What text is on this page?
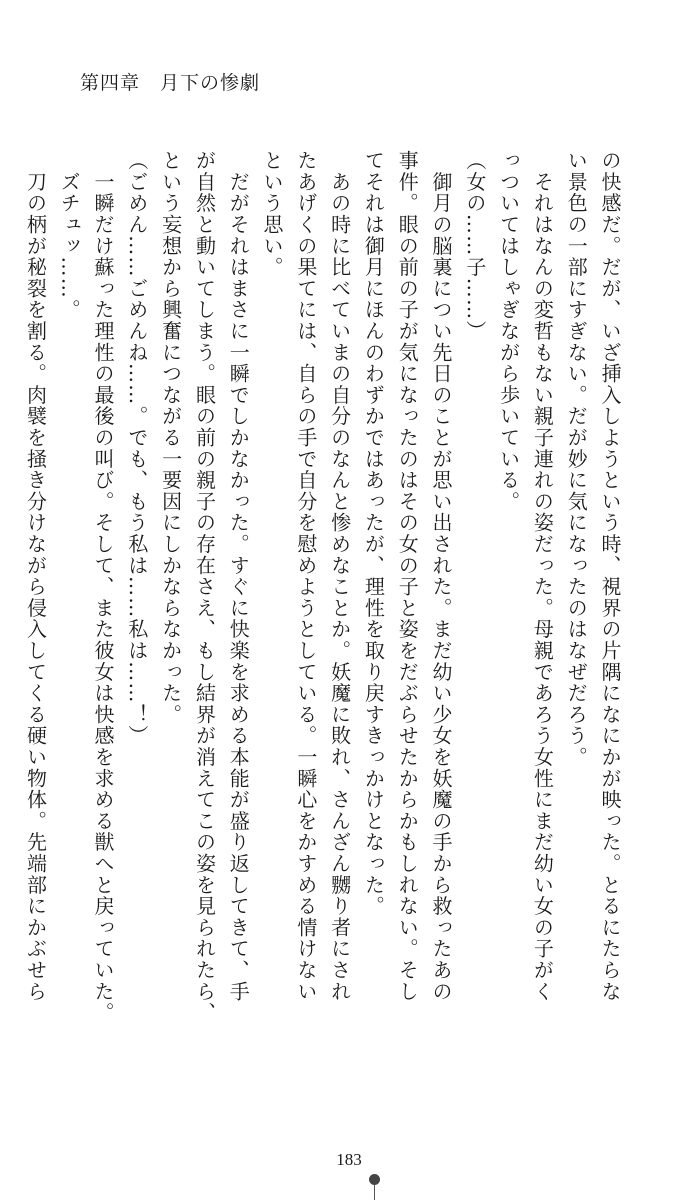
第四章　月下の惨劇

の快感だ。だが、いざ挿入しようという時、視界の片隅になにかが映った。とるにたらな

い景色の一部にすぎない。だが妙に気になったのはなぜだろう。

　それはなんの変哲もない親子連れの姿だった。母親であろう女性にまだ幼い女の子がく

っついてはしゃぎながら歩いている。

（女の……子……）

　御月の脳裏につい先日のことが思い出された。まだ幼い少女を妖魔の手から救ったあの

事件。眼の前の子が気になったのはその女の子と姿をだぶらせたからかもしれない。そし

てそれは御月にほんのわずかではあったが、理性を取り戻すきっかけとなった。

　あの時に比べていまの自分のなんと惨めなことか。妖魔に敗れ、さんざん嬲り者にされ

たあげくの果てには、自らの手で自分を慰めようとしている。一瞬心をかすめる情けない

という思い。

　だがそれはまさに一瞬でしかなかった。すぐに快楽を求める本能が盛り返してきて、手

が自然と動いてしまう。眼の前の親子の存在さえ、もし結界が消えてこの姿を見られたら、

という妄想から興奮につながる一要因にしかならなかった。

（ごめん……ごめんね……。でも、もう私は……私は……！）

　一瞬だけ蘇った理性の最後の叫び。そして、また彼女は快感を求める獣へと戻っていた。

　ズチュッ……。

　刀の柄が秘裂を割る。肉襞を掻き分けながら侵入してくる硬い物体。先端部にかぶせら

183
